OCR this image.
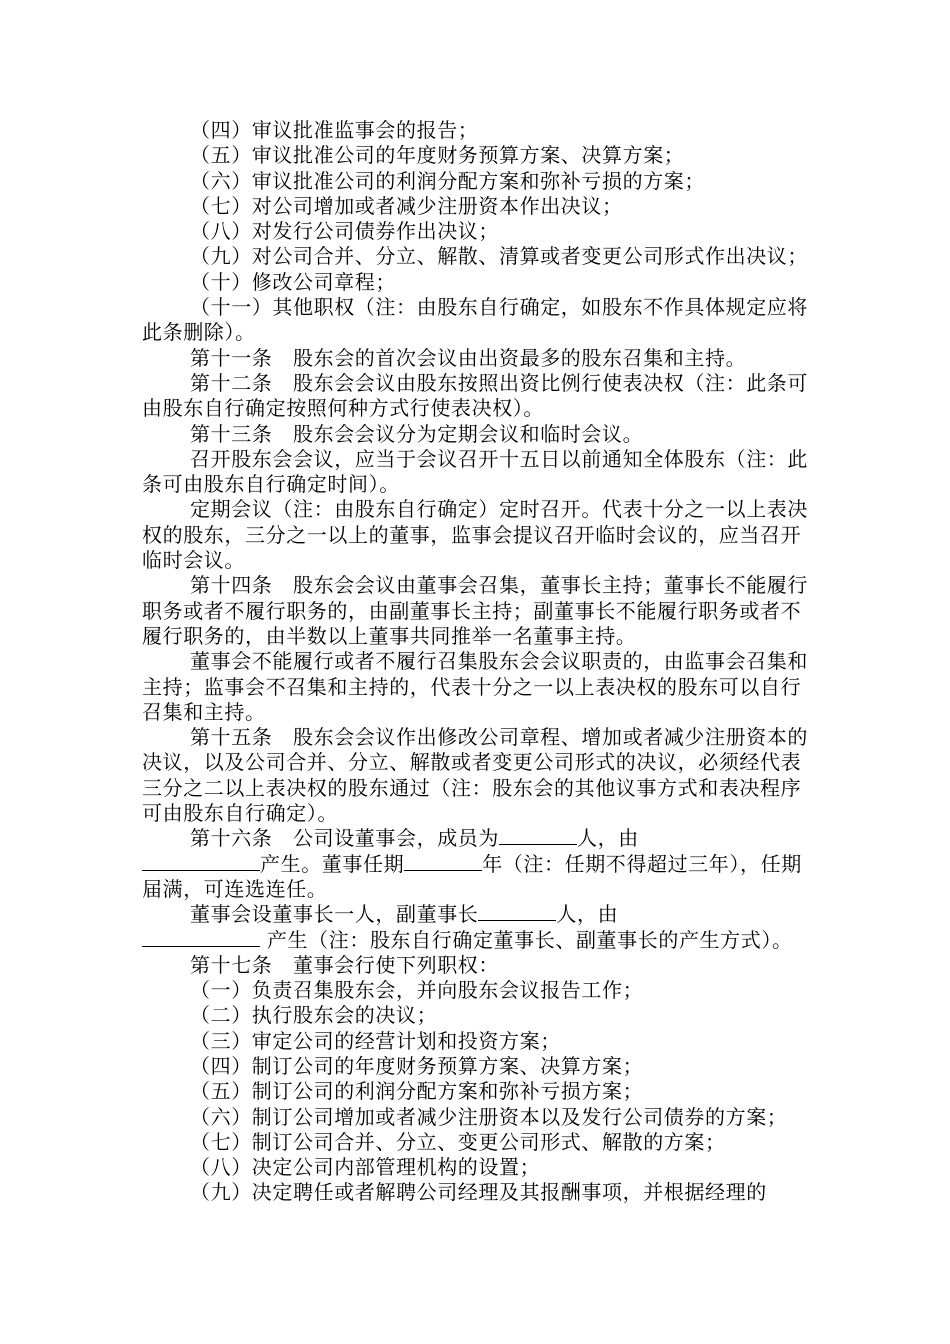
（四）审议批准监事会的报告；

（五）审议批准公司的年度财务预算方案、决算方案；

（六）审议批准公司的利润分配方案和弥补亏损的方案；

（七）对公司增加或者减少注册资本作出决议；

（八）对发行公司债券作出决议；

（九）对公司合并、分立、解散、清算或者变更公司形式作出决议；

（十）修改公司章程；

（十一）其他职权（注：由股东自行确定，如股东不作具体规定应将此条删除）。

第十一条　股东会的首次会议由出资最多的股东召集和主持。

第十二条　股东会会议由股东按照出资比例行使表决权（注：此条可由股东自行确定按照何种方式行使表决权）。

第十三条　股东会会议分为定期会议和临时会议。

召开股东会会议，应当于会议召开十五日以前通知全体股东（注：此条可由股东自行确定时间）。

定期会议（注：由股东自行确定）定时召开。代表十分之一以上表决权的股东，三分之一以上的董事，监事会提议召开临时会议的，应当召开临时会议。

第十四条　股东会会议由董事会召集，董事长主持；董事长不能履行职务或者不履行职务的，由副董事长主持；副董事长不能履行职务或者不履行职务的，由半数以上董事共同推举一名董事主持。

董事会不能履行或者不履行召集股东会会议职责的，由监事会召集和主持；监事会不召集和主持的，代表十分之一以上表决权的股东可以自行召集和主持。

第十五条　股东会会议作出修改公司章程、增加或者减少注册资本的决议，以及公司合并、分立、解散或者变更公司形式的决议，必须经代表三分之二以上表决权的股东通过（注：股东会的其他议事方式和表决程序可由股东自行确定）。

第十六条　公司设董事会，成员为	人，由
产生。董事任期	年（注：任期不得超过三年），任期届满，可连选连任。

董事会设董事长一人，副董事长	人，由
产生（注：股东自行确定董事长、副董事长的产生方式）。

第十七条　董事会行使下列职权：

（一）负责召集股东会，并向股东会议报告工作；

（二）执行股东会的决议；

（三）审定公司的经营计划和投资方案；

（四）制订公司的年度财务预算方案、决算方案；

（五）制订公司的利润分配方案和弥补亏损方案；

（六）制订公司增加或者减少注册资本以及发行公司债券的方案；

（七）制订公司合并、分立、变更公司形式、解散的方案；

（八）决定公司内部管理机构的设置；

（九）决定聘任或者解聘公司经理及其报酬事项，并根据经理的
